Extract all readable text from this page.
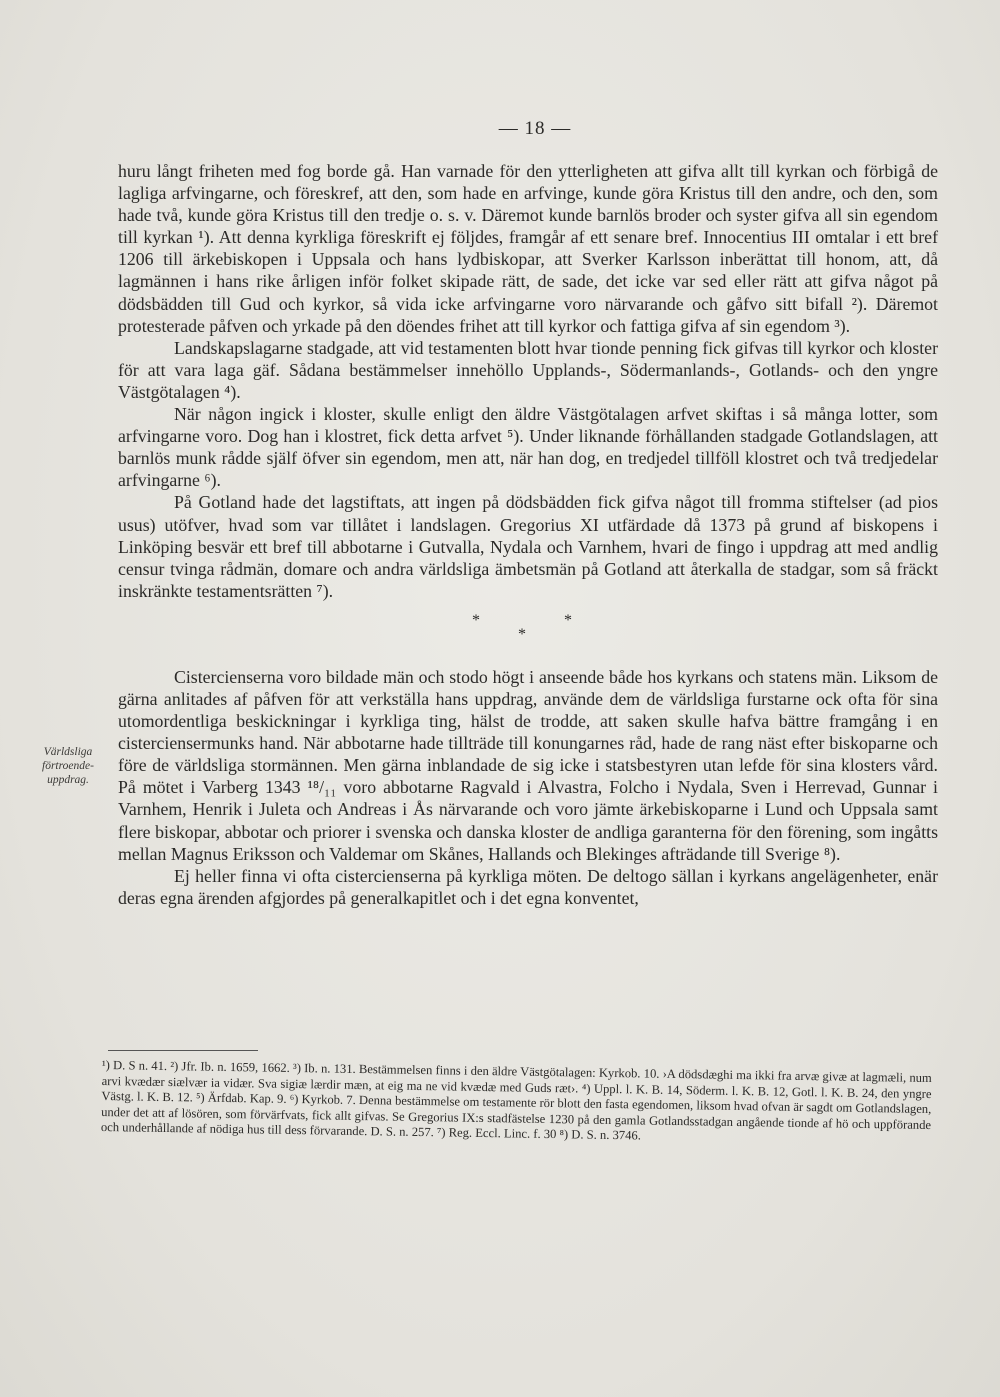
— 18 —
Världsliga
förtroende-
uppdrag.

huru långt friheten med fog borde gå. Han varnade för den ytterligheten att gifva allt till kyrkan och förbigå de lagliga arfvingarne, och föreskref, att den, som hade en arfvinge, kunde göra Kristus till den andre, och den, som hade två, kunde göra Kristus till den tredje o. s. v. Däremot kunde barnlös broder och syster gifva all sin egendom till kyrkan ¹). Att denna kyrkliga föreskrift ej följdes, framgår af ett senare bref. Innocentius III omtalar i ett bref 1206 till ärkebiskopen i Uppsala och hans lydbiskopar, att Sverker Karlsson inberättat till honom, att, då lagmännen i hans rike årligen inför folket skipade rätt, de sade, det icke var sed eller rätt att gifva något på dödsbädden till Gud och kyrkor, så vida icke arfvingarne voro närvarande och gåfvo sitt bifall ²). Däremot protesterade påfven och yrkade på den döendes frihet att till kyrkor och fattiga gifva af sin egendom ³).

Landskapslagarne stadgade, att vid testamenten blott hvar tionde penning fick gifvas till kyrkor och kloster för att vara laga gäf. Sådana bestämmelser innehöllo Upplands-, Södermanlands-, Gotlands- och den yngre Västgötalagen ⁴).

När någon ingick i kloster, skulle enligt den äldre Västgötalagen arfvet skiftas i så många lotter, som arfvingarne voro. Dog han i klostret, fick detta arfvet ⁵). Under liknande förhållanden stadgade Gotlandslagen, att barnlös munk rådde själf öfver sin egendom, men att, när han dog, en tredjedel tillföll klostret och två tredjedelar arfvingarne ⁶).

På Gotland hade det lagstiftats, att ingen på dödsbädden fick gifva något till fromma stiftelser (ad pios usus) utöfver, hvad som var tillåtet i landslagen. Gregorius XI utfärdade då 1373 på grund af biskopens i Linköping besvär ett bref till abbotarne i Gutvalla, Nydala och Varnhem, hvari de fingo i uppdrag att med andlig censur tvinga rådmän, domare och andra världsliga ämbetsmän på Gotland att återkalla de stadgar, som så fräckt inskränkte testamentsrätten ⁷).

*	*
*

Cistercienserna voro bildade män och stodo högt i anseende både hos kyrkans och statens män. Liksom de gärna anlitades af påfven för att verkställa hans uppdrag, använde dem de världsliga furstarne ock ofta för sina utomordentliga beskickningar i kyrkliga ting, hälst de trodde, att saken skulle hafva bättre framgång i en cisterciensermunks hand. När abbotarne hade tillträde till konungarnes råd, hade de rang näst efter biskoparne och före de världsliga stormännen. Men gärna inblandade de sig icke i statsbestyren utan lefde för sina klosters vård. På mötet i Varberg 1343 ¹⁸/₁₁ voro abbotarne Ragvald i Alvastra, Folcho i Nydala, Sven i Herrevad, Gunnar i Varnhem, Henrik i Juleta och Andreas i Ås närvarande och voro jämte ärkebiskoparne i Lund och Uppsala samt flere biskopar, abbotar och priorer i svenska och danska kloster de andliga garanterna för den förening, som ingåtts mellan Magnus Eriksson och Valdemar om Skånes, Hallands och Blekinges afträdande till Sverige ⁸).

Ej heller finna vi ofta cistercienserna på kyrkliga möten. De deltogo sällan i kyrkans angelägenheter, enär deras egna ärenden afgjordes på generalkapitlet och i det egna konventet,

¹) D. S n. 41. ²) Jfr. Ib. n. 1659, 1662. ³) Ib. n. 131. Bestämmelsen finns i den äldre Västgötalagen: Kyrkob. 10. ›A dödsdæghi ma ikki fra arvæ givæ at lagmæli, num arvi kvædær siælvær ia vidær. Sva sigiæ lærdir mæn, at eig ma ne vid kvædæ med Guds ræt›. ⁴) Uppl. l. K. B. 14, Söderm. l. K. B. 12, Gotl. l. K. B. 24, den yngre Västg. l. K. B. 12. ⁵) Ärfdab. Kap. 9. ⁶) Kyrkob. 7. Denna bestämmelse om testamente rör blott den fasta egendomen, liksom hvad ofvan är sagdt om Gotlandslagen, under det att af lösören, som förvärfvats, fick allt gifvas. Se Gregorius IX:s stadfästelse 1230 på den gamla Gotlandsstadgan angående tionde af hö och uppförande och underhållande af nödiga hus till dess förvarande. D. S. n. 257. ⁷) Reg. Eccl. Linc. f. 30 ⁸) D. S. n. 3746.
